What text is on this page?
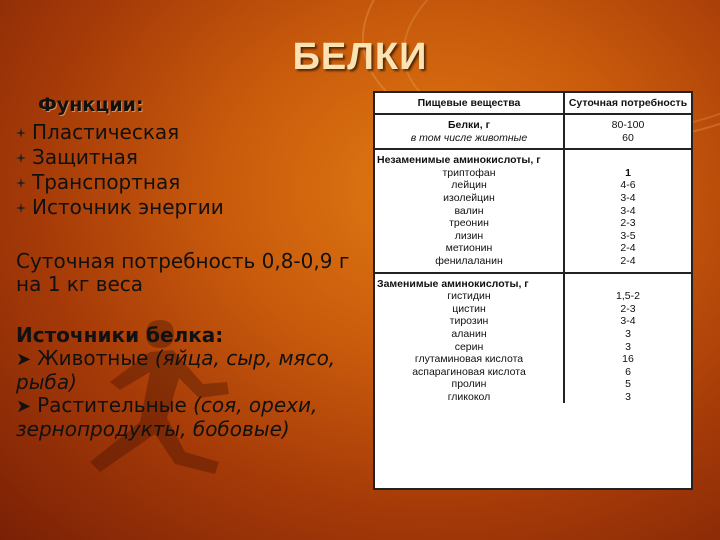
БЕЛКИ
Функции:
Пластическая
Защитная
Транспортная
Источник энергии
Суточная потребность 0,8-0,9 г на 1 кг веса
Источники белка:
➤ Животные (яйца, сыр, мясо, рыба)
➤ Растительные (соя, орехи, зернопродукты, бобовые)
Пищевые вещества	Суточная потребность
Белки, г	80-100
в том числе животные	60
Незаменимые аминокислоты, г	
триптофан	1
лейцин	4-6
изолейцин	3-4
валин	3-4
треонин	2-3
лизин	3-5
метионин	2-4
фенилаланин	2-4
Заменимые аминокислоты, г	
гистидин	1,5-2
цистин	2-3
тирозин	3-4
аланин	3
серин	3
глутаминовая кислота	16
аспарагиновая кислота	6
пролин	5
гликокол	3
